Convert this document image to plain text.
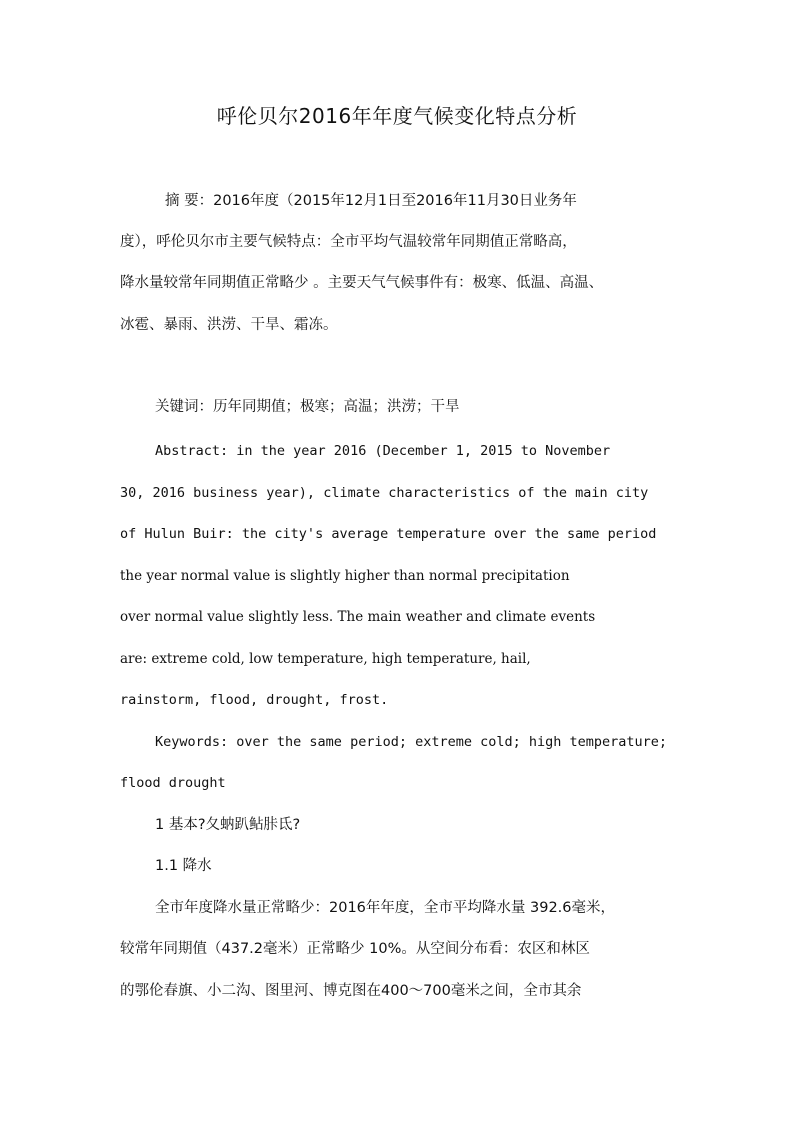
呼伦贝尔2016年年度气候变化特点分析
摘 要：2016年度（2015年12月1日至2016年11月30日业务年
度），呼伦贝尔市主要气候特点：全市平均气温较常年同期值正常略高，
降水量较常年同期值正常略少 。主要天气气候事件有：极寒、低温、高温、
冰雹、暴雨、洪涝、干旱、霜冻。
关键词：历年同期值；极寒；高温；洪涝；干旱
Abstract: in the year 2016 (December 1, 2015 to November
30, 2016 business year), climate characteristics of the main city
of Hulun Buir: the city's average temperature over the same period
the year normal value is slightly higher than normal precipitation
over normal value slightly less. The main weather and climate events
are: extreme cold, low temperature, high temperature, hail,
rainstorm, flood, drought, frost.
Keywords: over the same period; extreme cold; high temperature;
flood drought
1 基本?夂蚋趴鲇胩氐?
1.1 降水
全市年度降水量正常略少：2016年年度，全市平均降水量 392.6毫米，
较常年同期值（437.2毫米）正常略少 10%。从空间分布看：农区和林区
的鄂伦春旗、小二沟、图里河、博克图在400～700毫米之间，全市其余
